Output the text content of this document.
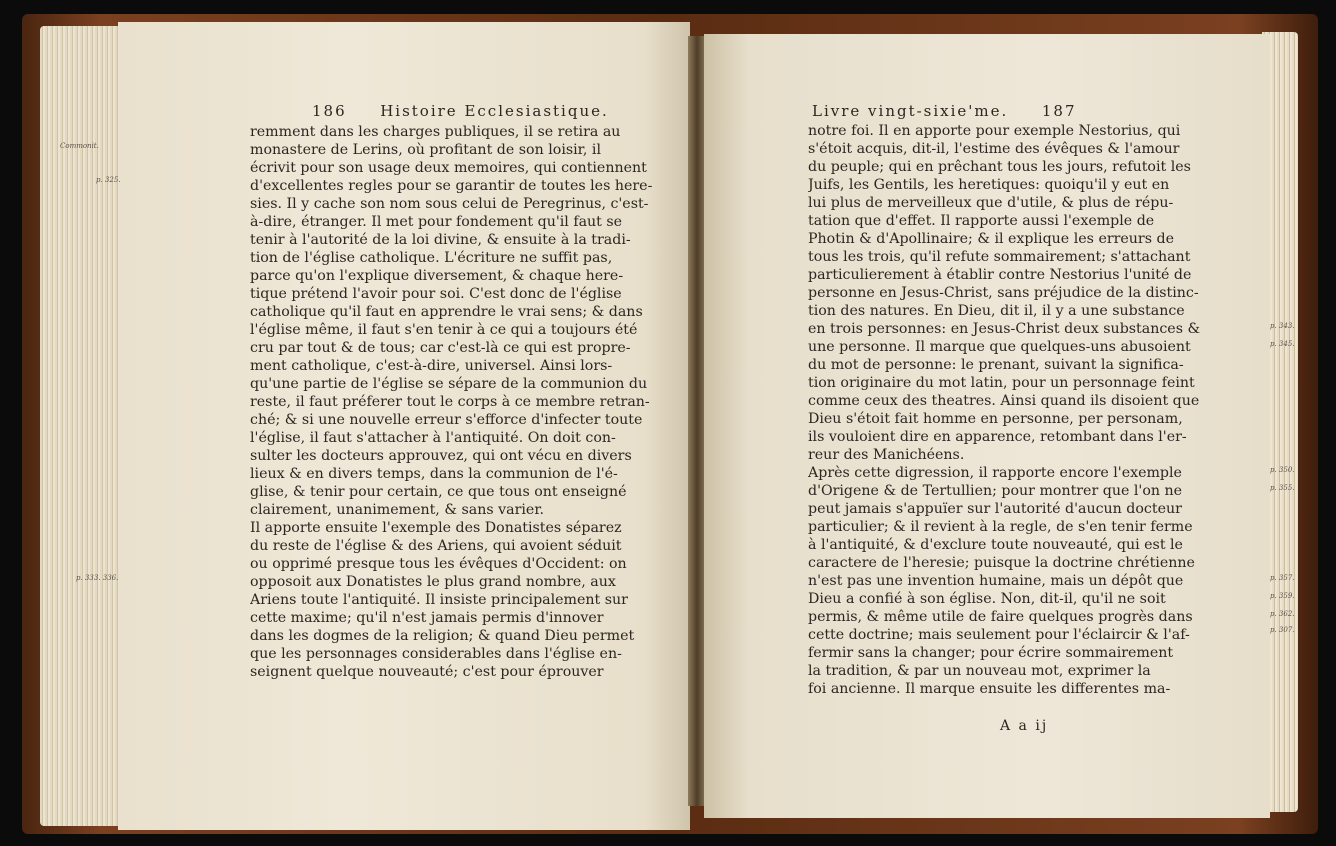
186 Histoire Ecclesiastique.
remment dans les charges publiques, il se retira au
monastere de Lerins, où profitant de son loisir, il
écrivit pour son usage deux memoires, qui contiennent
d'excellentes regles pour se garantir de toutes les here-
sies. Il y cache son nom sous celui de Peregrinus, c'est-
à-dire, étranger. Il met pour fondement qu'il faut se
tenir à l'autorité de la loi divine, & ensuite à la tradi-
tion de l'église catholique. L'écriture ne suffit pas,
parce qu'on l'explique diversement, & chaque here-
tique prétend l'avoir pour soi. C'est donc de l'église
catholique qu'il faut en apprendre le vrai sens; & dans
l'église même, il faut s'en tenir à ce qui a toujours été
cru par tout & de tous; car c'est-là ce qui est propre-
ment catholique, c'est-à-dire, universel. Ainsi lors-
qu'une partie de l'église se sépare de la communion du
reste, il faut préferer tout le corps à ce membre retran-
ché; & si une nouvelle erreur s'efforce d'infecter toute
l'église, il faut s'attacher à l'antiquité. On doit con-
sulter les docteurs approuvez, qui ont vécu en divers
lieux & en divers temps, dans la communion de l'é-
glise, & tenir pour certain, ce que tous ont enseigné
clairement, unanimement, & sans varier.
Il apporte ensuite l'exemple des Donatistes séparez
du reste de l'église & des Ariens, qui avoient séduit
ou opprimé presque tous les évêques d'Occident: on
opposoit aux Donatistes le plus grand nombre, aux
Ariens toute l'antiquité. Il insiste principalement sur
cette maxime; qu'il n'est jamais permis d'innover
dans les dogmes de la religion; & quand Dieu permet
que les personnages considerables dans l'église en-
seignent quelque nouveauté; c'est pour éprouver
Commonit.
p. 325.
p. 333. 336.
Livre vingt-sixie'me. 187
notre foi. Il en apporte pour exemple Nestorius, qui
s'étoit acquis, dit-il, l'estime des évêques & l'amour
du peuple; qui en prêchant tous les jours, refutoit les
Juifs, les Gentils, les heretiques: quoiqu'il y eut en
lui plus de merveilleux que d'utile, & plus de répu-
tation que d'effet. Il rapporte aussi l'exemple de
Photin & d'Apollinaire; & il explique les erreurs de
tous les trois, qu'il refute sommairement; s'attachant
particulierement à établir contre Nestorius l'unité de
personne en Jesus-Christ, sans préjudice de la distinc-
tion des natures. En Dieu, dit il, il y a une substance
en trois personnes: en Jesus-Christ deux substances &
une personne. Il marque que quelques-uns abusoient
du mot de personne: le prenant, suivant la significa-
tion originaire du mot latin, pour un personnage feint
comme ceux des theatres. Ainsi quand ils disoient que
Dieu s'étoit fait homme en personne, per personam,
ils vouloient dire en apparence, retombant dans l'er-
reur des Manichéens.
Après cette digression, il rapporte encore l'exemple
d'Origene & de Tertullien; pour montrer que l'on ne
peut jamais s'appuïer sur l'autorité d'aucun docteur
particulier; & il revient à la regle, de s'en tenir ferme
à l'antiquité, & d'exclure toute nouveauté, qui est le
caractere de l'heresie; puisque la doctrine chrétienne
n'est pas une invention humaine, mais un dépôt que
Dieu a confié à son église. Non, dit-il, qu'il ne soit
permis, & même utile de faire quelques progrès dans
cette doctrine; mais seulement pour l'éclaircir & l'af-
fermir sans la changer; pour écrire sommairement
la tradition, & par un nouveau mot, exprimer la
foi ancienne. Il marque ensuite les differentes ma-
A a ij
p. 343.
p. 345.
p. 350.
p. 355.
p. 357.
p. 359.
p. 362.
p. 307.
